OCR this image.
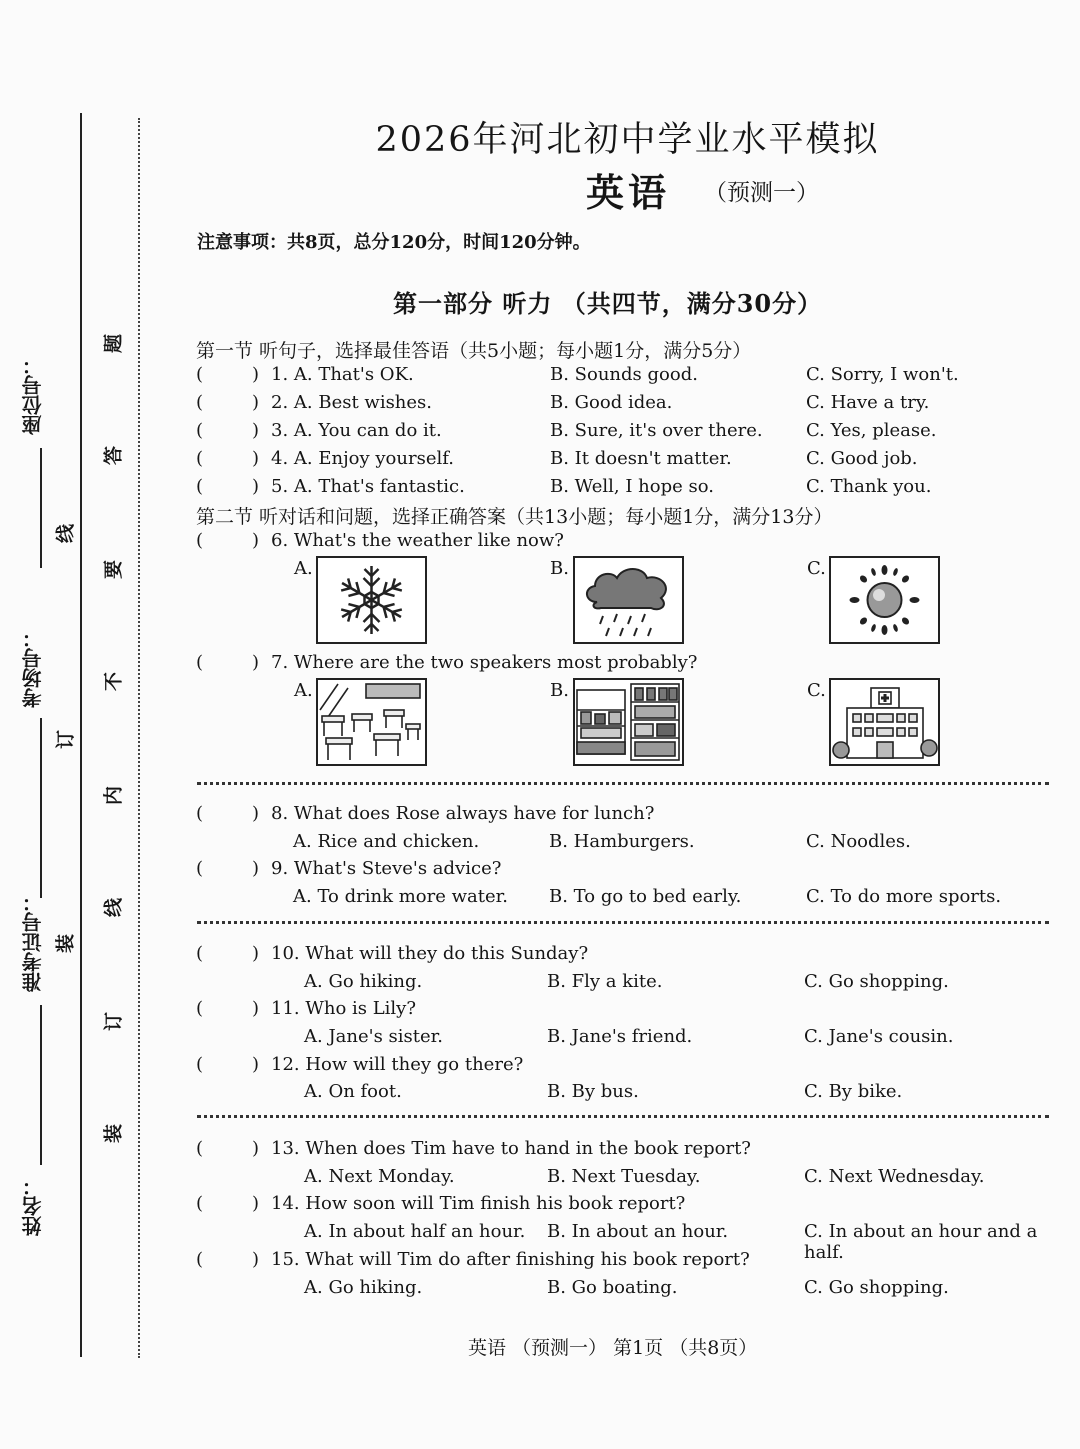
座位号：
考场号：
准考证号：
姓名：
线
订
装
题
答
要
不
内
线
订
装
2026年河北初中学业水平模拟
英语 （预测一）
注意事项：共8页，总分120分，时间120分钟。
第一部分 听力 （共四节，满分30分）
第一节 听句子，选择最佳答语（共5小题；每小题1分，满分5分）
(	) 1. A. That's OK.	B. Sounds good.	C. Sorry, I won't.
(	) 2. A. Best wishes.	B. Good idea.	C. Have a try.
(	) 3. A. You can do it.	B. Sure, it's over there. C. Yes, please.
(	) 4. A. Enjoy yourself.	B. It doesn't matter.	C. Good job.
(	) 5. A. That's fantastic.	B. Well, I hope so.	C. Thank you.
第二节 听对话和问题，选择正确答案（共13小题；每小题1分，满分13分）
(	) 6. What's the weather like now?
A.	B.	C.
(	) 7. Where are the two speakers most probably?
A.	B.	C.
(	) 8. What does Rose always have for lunch?
A. Rice and chicken.	B. Hamburgers.	C. Noodles.
(	) 9. What's Steve's advice?
A. To drink more water. B. To go to bed early.	C. To do more sports.
(	) 10. What will they do this Sunday?
A. Go hiking.	B. Fly a kite.	C. Go shopping.
(	) 11. Who is Lily?
A. Jane's sister.	B. Jane's friend.	C. Jane's cousin.
(	) 12. How will they go there?
A. On foot.	B. By bus.	C. By bike.
(	) 13. When does Tim have to hand in the book report?
A. Next Monday.	B. Next Tuesday.	C. Next Wednesday.
(	) 14. How soon will Tim finish his book report?
A. In about half an hour. B. In about an hour.	C. In about an hour and a half.
(	) 15. What will Tim do after finishing his book report?
A. Go hiking.	B. Go boating.	C. Go shopping.
英语 （预测一） 第1页 （共8页）
